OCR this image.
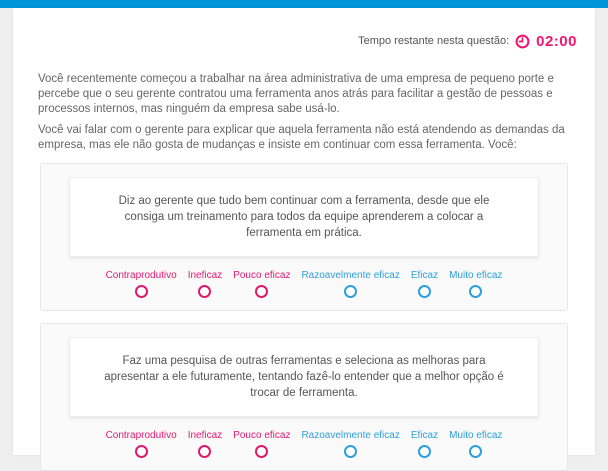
Tempo restante nesta questão: 02:00

Você recentemente começou a trabalhar na área administrativa de uma empresa de pequeno porte e percebe que o seu gerente contratou uma ferramenta anos atrás para facilitar a gestão de pessoas e processos internos, mas ninguém da empresa sabe usá-lo.

Você vai falar com o gerente para explicar que aquela ferramenta não está atendendo as demandas da empresa, mas ele não gosta de mudanças e insiste em continuar com essa ferramenta. Você:

Diz ao gerente que tudo bem continuar com a ferramenta, desde que ele consiga um treinamento para todos da equipe aprenderem a colocar a ferramenta em prática.
Contraprodutivo Ineficaz Pouco eficaz Razoavelmente eficaz Eficaz Muito eficaz
Faz uma pesquisa de outras ferramentas e seleciona as melhoras para apresentar a ele futuramente, tentando fazê-lo entender que a melhor opção é trocar de ferramenta.
Contraprodutivo Ineficaz Pouco eficaz Razoavelmente eficaz Eficaz Muito eficaz
